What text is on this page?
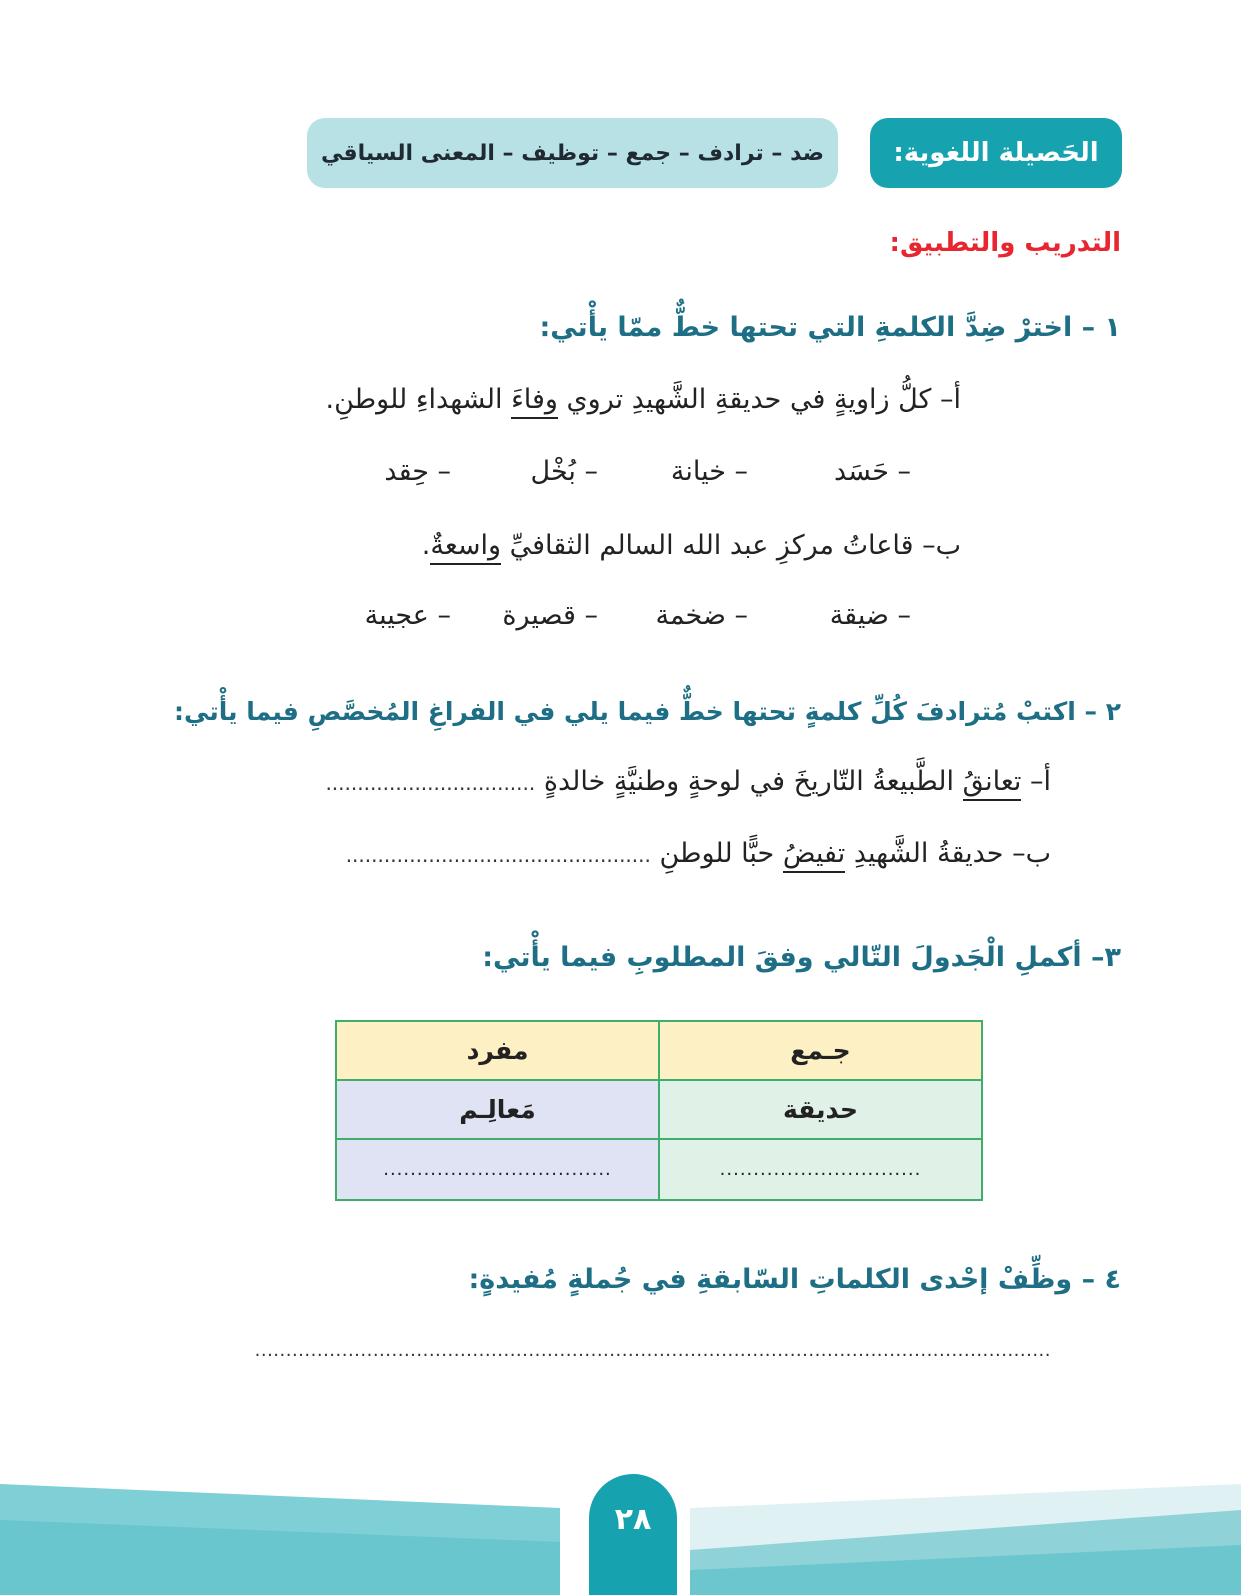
الحَصيلة اللغوية:
ضد – ترادف – جمع – توظيف – المعنى السياقي
التدريب والتطبيق:
١ – اخترْ ضِدَّ الكلمةِ التي تحتها خطٌّ ممّا يأْتي:
أ– كلُّ زاويةٍ في حديقةِ الشَّهيدِ تروي وفاءَ الشهداءِ للوطنِ.
– حَسَد
– خيانة
– بُخْل
– حِقد
ب– قاعاتُ مركزِ عبد الله السالم الثقافيِّ واسعةٌ.
– ضيقة
– ضخمة
– قصيرة
– عجيبة
٢ – اكتبْ مُترادفَ كُلِّ كلمةٍ تحتها خطٌّ فيما يلي في الفراغِ المُخصَّصِ فيما يأْتي:
أ– تعانقُ الطَّبيعةُ التّاريخَ في لوحةٍ وطنيَّةٍ خالدةٍ .................................
ب– حديقةُ الشَّهيدِ تفيضُ حبًّا للوطنِ ................................................
٣– أكملِ الْجَدولَ التّالي وفقَ المطلوبِ فيما يأْتي:
مفرد	جـمع
مَعالِـم	حديقة
..................................	..............................
٤ – وظِّفْ إحْدى الكلماتِ السّابقةِ في جُملةٍ مُفيدةٍ:
................................................................................................................................
٢٨
